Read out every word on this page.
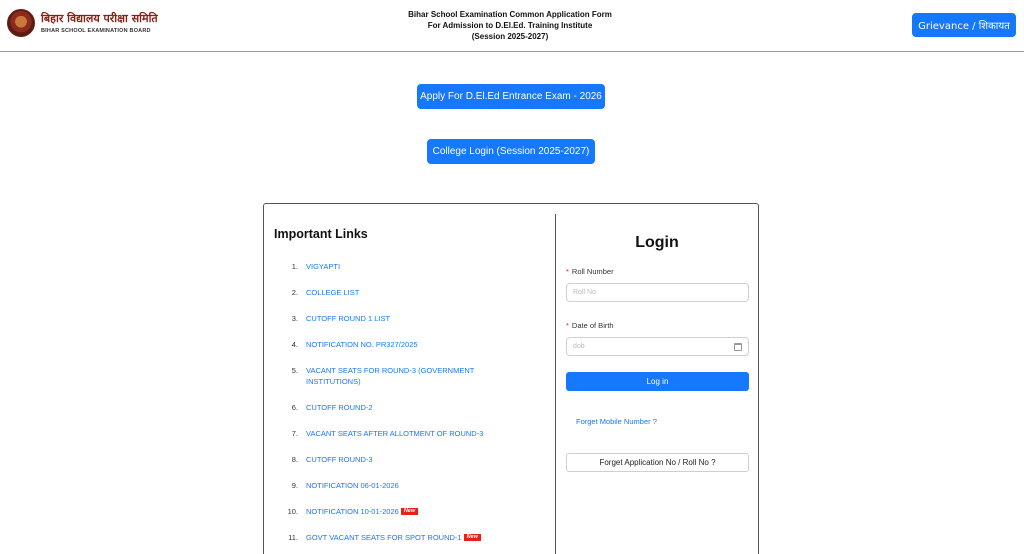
बिहार विद्यालय परीक्षा समिति
BIHAR SCHOOL EXAMINATION BOARD
Bihar School Examination Common Application Form
For Admission to D.El.Ed. Training Institute
(Session 2025-2027)
Grievance / शिकायत
Apply For D.El.Ed Entrance Exam - 2026
College Login (Session 2025-2027)
Important Links
1.	VIGYAPTI
2.	COLLEGE LIST
3.	CUTOFF ROUND 1 LIST
4.	NOTIFICATION NO. PR327/2025
5.	VACANT SEATS FOR ROUND-3 (GOVERNMENT INSTITUTIONS)
6.	CUTOFF ROUND-2
7.	VACANT SEATS AFTER ALLOTMENT OF ROUND-3
8.	CUTOFF ROUND-3
9.	NOTIFICATION 06-01-2026
10.	NOTIFICATION 10-01-2026 New
11.	GOVT VACANT SEATS FOR SPOT ROUND-1 New
Login
* Roll Number
Roll No
* Date of Birth
dob
Log in
Forget Mobile Number ?
Forget Application No / Roll No ?
